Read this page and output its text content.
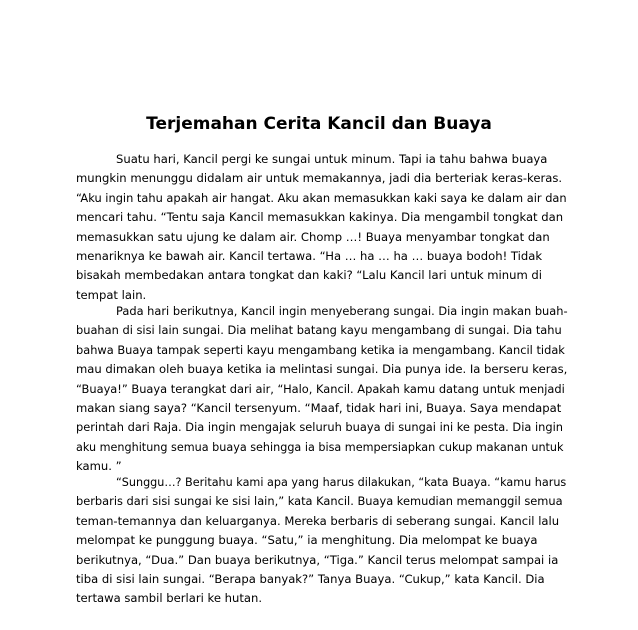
Terjemahan Cerita Kancil dan Buaya
Suatu hari, Kancil pergi ke sungai untuk minum. Tapi ia tahu bahwa buaya
mungkin menunggu didalam air untuk memakannya, jadi dia berteriak keras-keras.
“Aku ingin tahu apakah air hangat. Aku akan memasukkan kaki saya ke dalam air dan
mencari tahu. “Tentu saja Kancil memasukkan kakinya. Dia mengambil tongkat dan
memasukkan satu ujung ke dalam air. Chomp …! Buaya menyambar tongkat dan
menariknya ke bawah air. Kancil tertawa. “Ha … ha … ha … buaya bodoh! Tidak
bisakah membedakan antara tongkat dan kaki? “Lalu Kancil lari untuk minum di
tempat lain.
Pada hari berikutnya, Kancil ingin menyeberang sungai. Dia ingin makan buah-
buahan di sisi lain sungai. Dia melihat batang kayu mengambang di sungai. Dia tahu
bahwa Buaya tampak seperti kayu mengambang ketika ia mengambang. Kancil tidak
mau dimakan oleh buaya ketika ia melintasi sungai. Dia punya ide. Ia berseru keras,
“Buaya!” Buaya terangkat dari air, “Halo, Kancil. Apakah kamu datang untuk menjadi
makan siang saya? “Kancil tersenyum. “Maaf, tidak hari ini, Buaya. Saya mendapat
perintah dari Raja. Dia ingin mengajak seluruh buaya di sungai ini ke pesta. Dia ingin
aku menghitung semua buaya sehingga ia bisa mempersiapkan cukup makanan untuk
kamu. ”
“Sunggu…? Beritahu kami apa yang harus dilakukan, “kata Buaya. “kamu harus
berbaris dari sisi sungai ke sisi lain,” kata Kancil. Buaya kemudian memanggil semua
teman-temannya dan keluarganya. Mereka berbaris di seberang sungai. Kancil lalu
melompat ke punggung buaya. “Satu,” ia menghitung. Dia melompat ke buaya
berikutnya, “Dua.” Dan buaya berikutnya, “Tiga.” Kancil terus melompat sampai ia
tiba di sisi lain sungai. “Berapa banyak?” Tanya Buaya. “Cukup,” kata Kancil. Dia
tertawa sambil berlari ke hutan.
